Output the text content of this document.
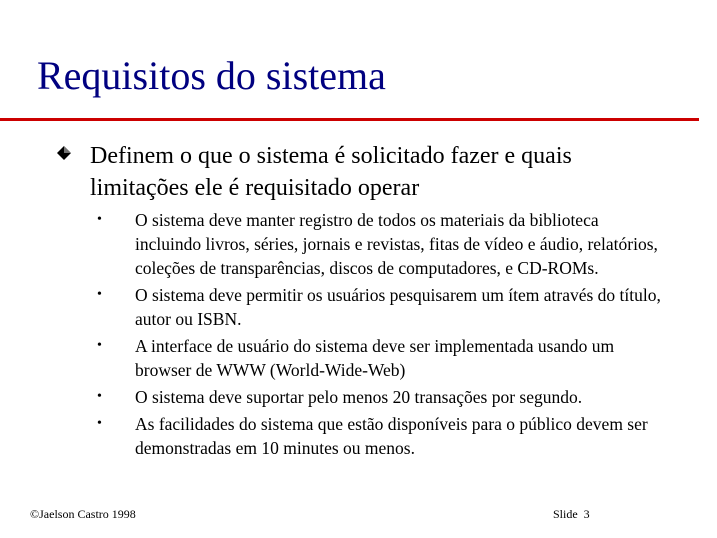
Requisitos do sistema

Definem o que o sistema é solicitado fazer e quais limitações ele é requisitado operar

• O sistema deve manter registro de todos os materiais da biblioteca incluindo livros, séries, jornais e revistas, fitas de vídeo e áudio, relatórios, coleções de transparências, discos de computadores, e CD-ROMs.
• O sistema deve permitir os usuários pesquisarem um ítem através do título, autor ou ISBN.
• A interface de usuário do sistema deve ser implementada usando um browser de WWW (World-Wide-Web)
• O sistema deve suportar pelo menos 20 transações por segundo.
• As facilidades do sistema que estão disponíveis para o público devem ser demonstradas em 10 minutes ou menos.
©Jaelson Castro 1998	Slide  3
